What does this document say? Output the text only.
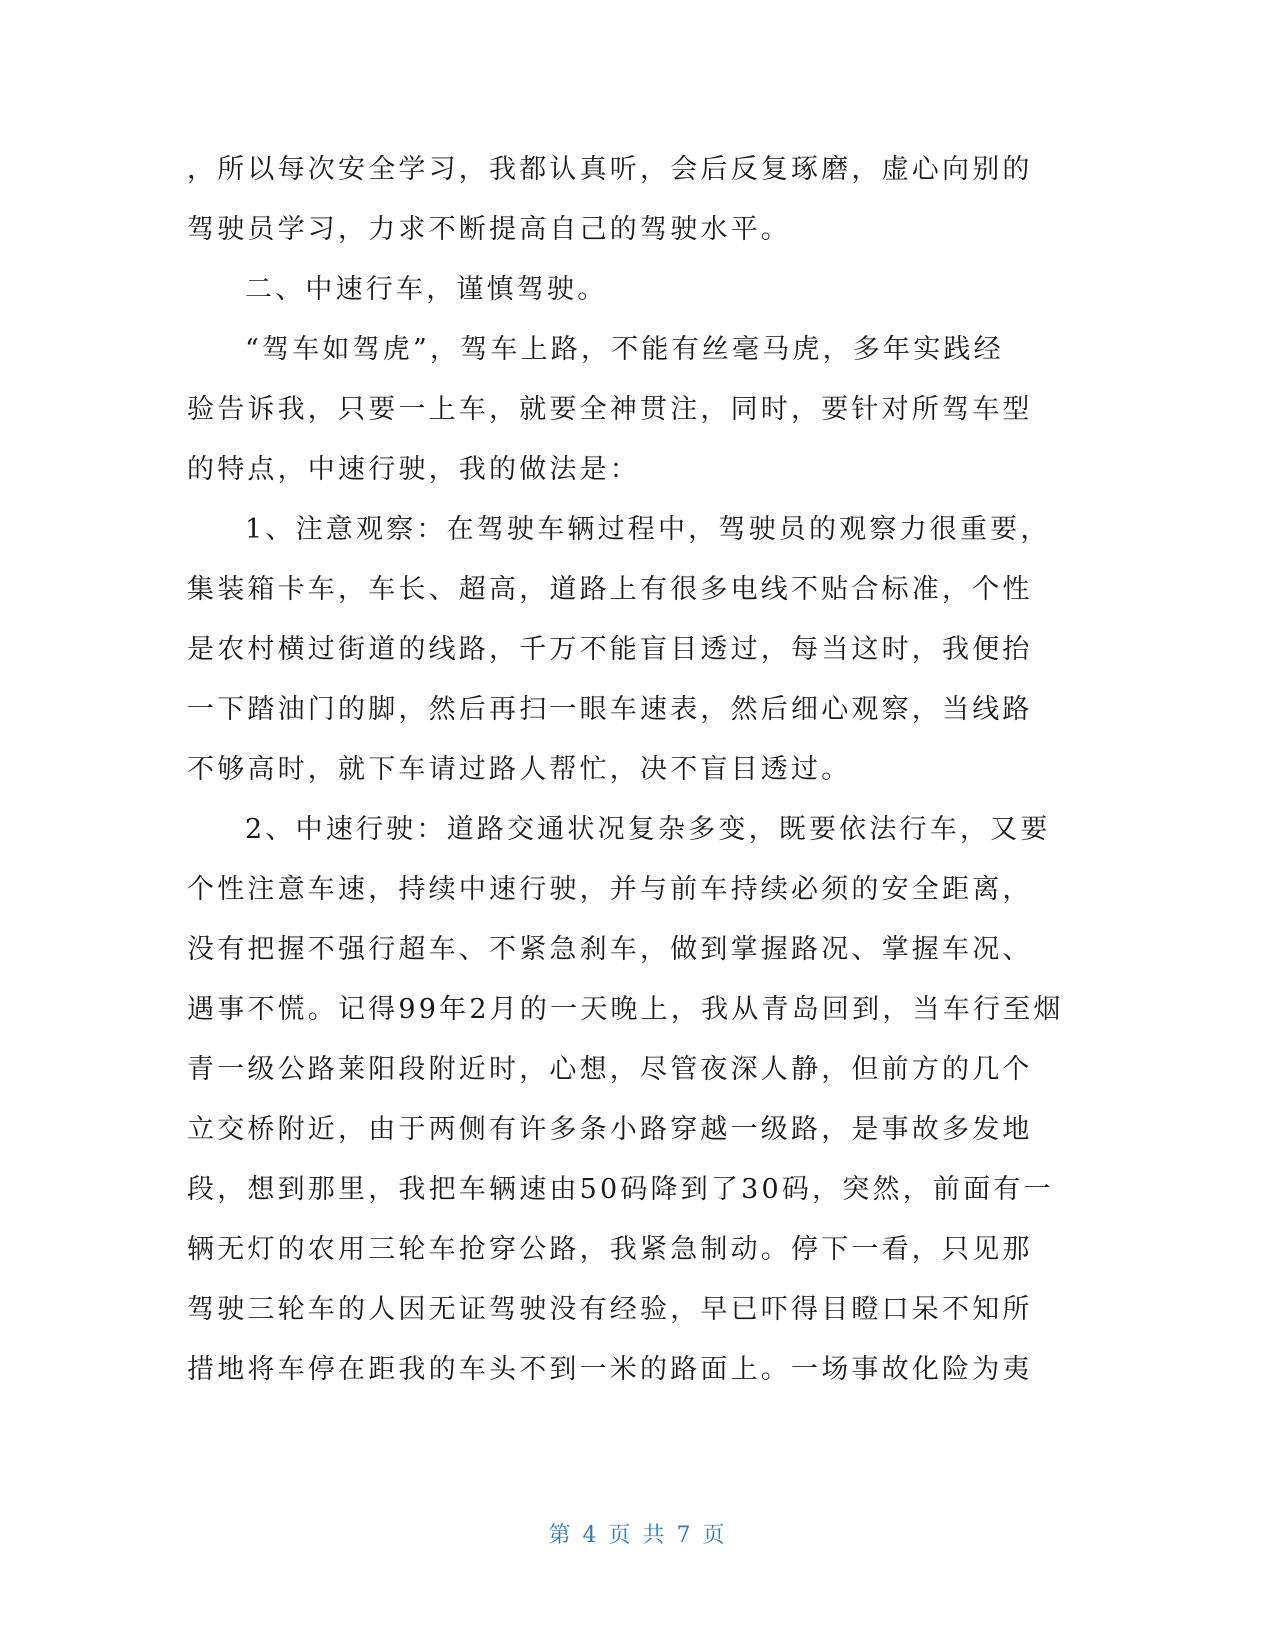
，所以每次安全学习，我都认真听，会后反复琢磨，虚心向别的
驾驶员学习，力求不断提高自己的驾驶水平。
二、中速行车，谨慎驾驶。
“驾车如驾虎”，驾车上路，不能有丝毫马虎，多年实践经
验告诉我，只要一上车，就要全神贯注，同时，要针对所驾车型
的特点，中速行驶，我的做法是：
1、注意观察：在驾驶车辆过程中，驾驶员的观察力很重要，
集装箱卡车，车长、超高，道路上有很多电线不贴合标准，个性
是农村横过街道的线路，千万不能盲目透过，每当这时，我便抬
一下踏油门的脚，然后再扫一眼车速表，然后细心观察，当线路
不够高时，就下车请过路人帮忙，决不盲目透过。
2、中速行驶：道路交通状况复杂多变，既要依法行车，又要
个性注意车速，持续中速行驶，并与前车持续必须的安全距离，
没有把握不强行超车、不紧急刹车，做到掌握路况、掌握车况、
遇事不慌。记得99年2月的一天晚上，我从青岛回到，当车行至烟
青一级公路莱阳段附近时，心想，尽管夜深人静，但前方的几个
立交桥附近，由于两侧有许多条小路穿越一级路，是事故多发地
段，想到那里，我把车辆速由50码降到了30码，突然，前面有一
辆无灯的农用三轮车抢穿公路，我紧急制动。停下一看，只见那
驾驶三轮车的人因无证驾驶没有经验，早已吓得目瞪口呆不知所
措地将车停在距我的车头不到一米的路面上。一场事故化险为夷
第 4 页 共 7 页
